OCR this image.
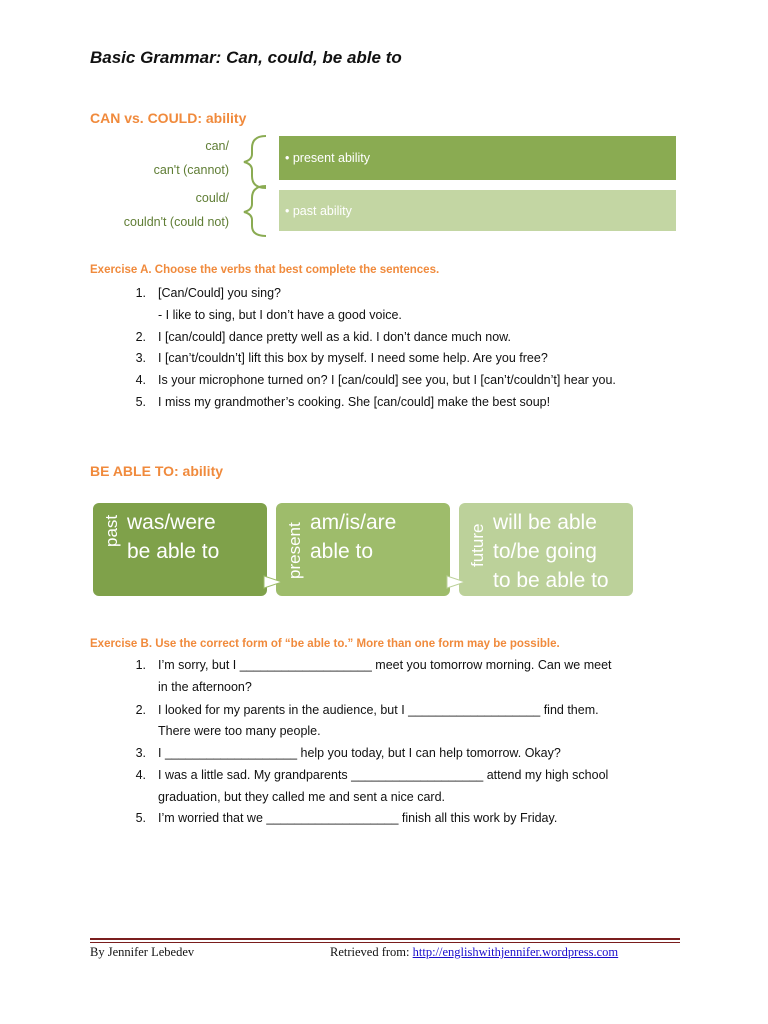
Basic Grammar: Can, could, be able to
CAN vs. COULD: ability
can/
can't (cannot)
could/
couldn't (could not)
• present ability
• past ability
Exercise A. Choose the verbs that best complete the sentences.
1. [Can/Could] you sing?
- I like to sing, but I don’t have a good voice.
2. I [can/could] dance pretty well as a kid. I don’t dance much now.
3. I [can’t/couldn’t] lift this box by myself. I need some help. Are you free?
4. Is your microphone turned on? I [can/could] see you, but I [can’t/couldn’t] hear you.
5. I miss my grandmother’s cooking. She [can/could] make the best soup!
BE ABLE TO: ability
past was/were
be able to	present am/is/are
able to	future
will be able
to/be going
to be able to
Exercise B. Use the correct form of “be able to.” More than one form may be possible.
1. I’m sorry, but I ___________________ meet you tomorrow morning. Can we meet
in the afternoon?
2. I looked for my parents in the audience, but I ___________________ find them.
There were too many people.
3. I ___________________ help you today, but I can help tomorrow. Okay?
4. I was a little sad. My grandparents ___________________ attend my high school
graduation, but they called me and sent a nice card.
5. I’m worried that we ___________________ finish all this work by Friday.
By Jennifer Lebedev	Retrieved from: http://englishwithjennifer.wordpress.com
